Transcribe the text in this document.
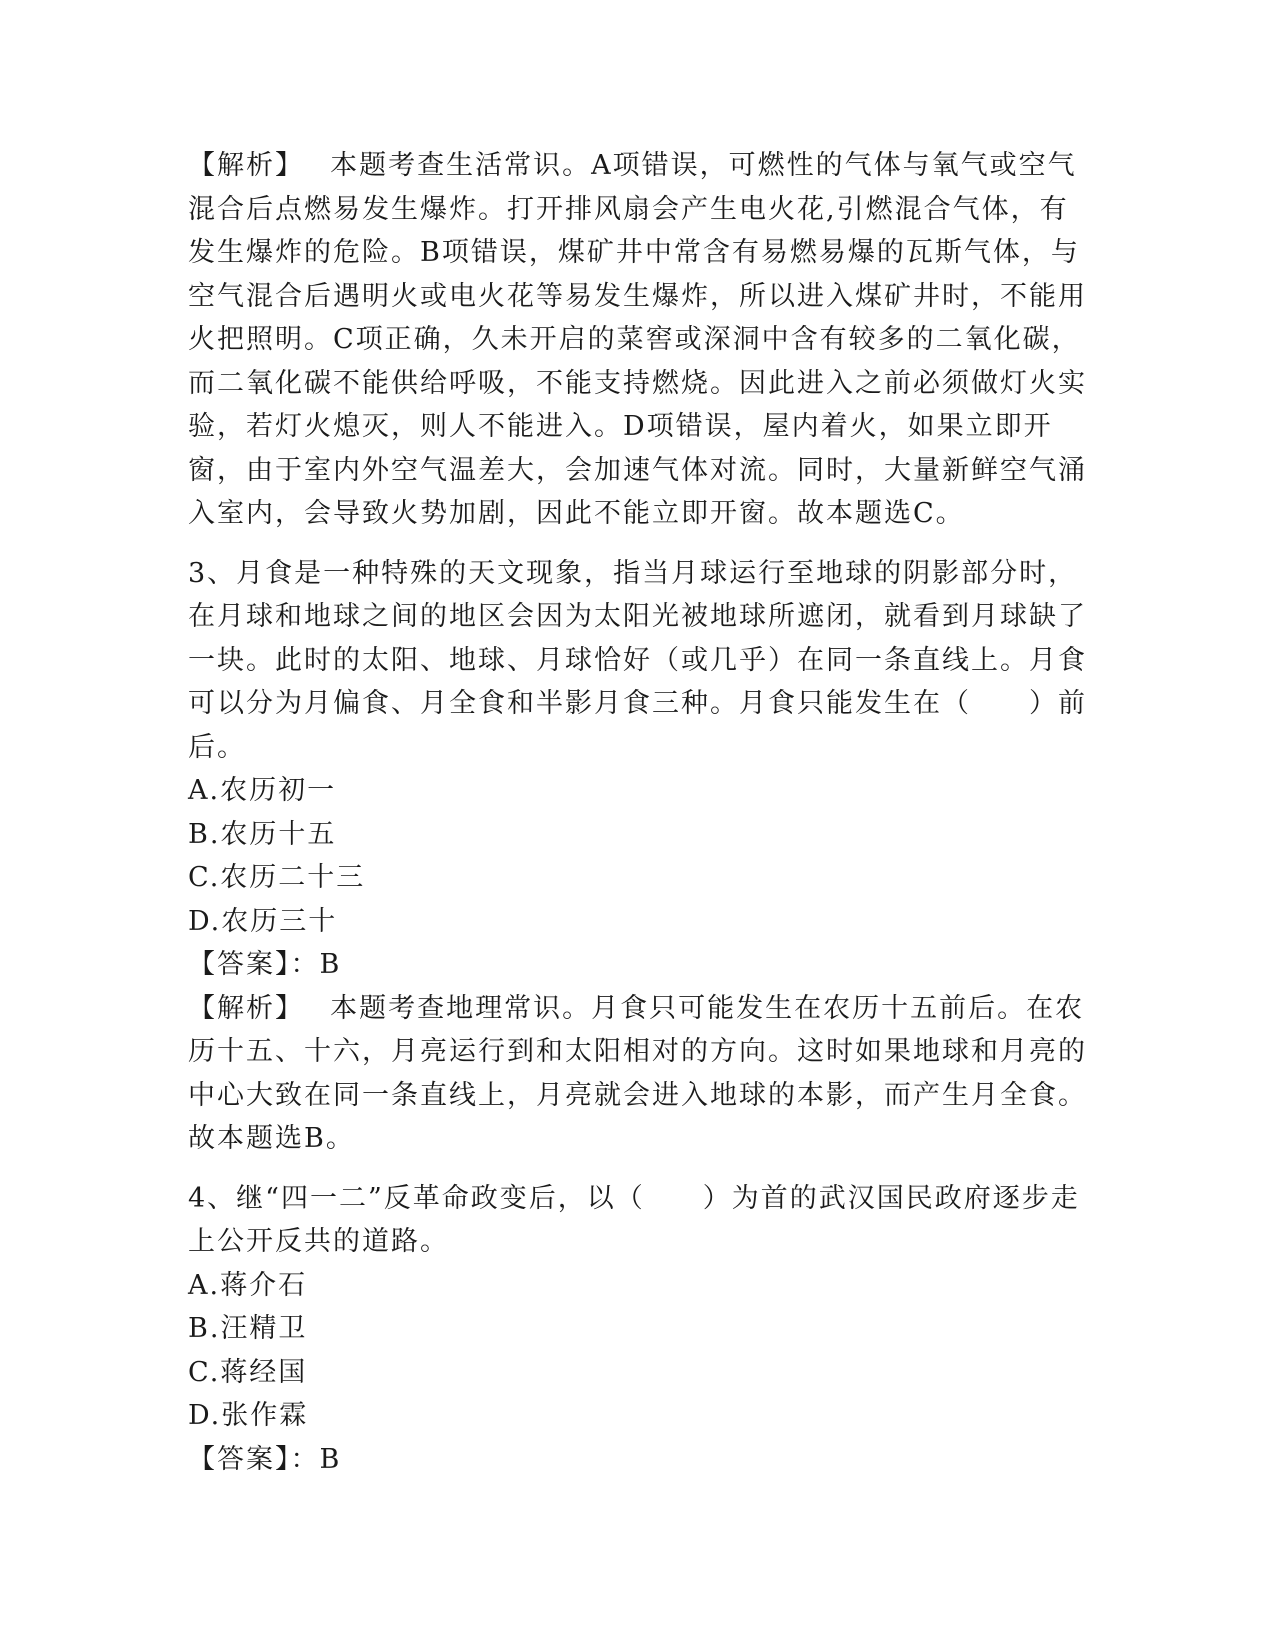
【解析】　 本题考查生活常识。A项错误，可燃性的气体与氧气或空气混合后点燃易发生爆炸。打开排风扇会产生电火花,引燃混合气体，有发生爆炸的危险。B项错误，煤矿井中常含有易燃易爆的瓦斯气体，与空气混合后遇明火或电火花等易发生爆炸，所以进入煤矿井时，不能用火把照明。C项正确，久未开启的菜窖或深洞中含有较多的二氧化碳，而二氧化碳不能供给呼吸，不能支持燃烧。因此进入之前必须做灯火实验，若灯火熄灭，则人不能进入。D项错误，屋内着火，如果立即开窗，由于室内外空气温差大，会加速气体对流。同时，大量新鲜空气涌入室内，会导致火势加剧，因此不能立即开窗。故本题选C。

3、月食是一种特殊的天文现象，指当月球运行至地球的阴影部分时，在月球和地球之间的地区会因为太阳光被地球所遮闭，就看到月球缺了一块。此时的太阳、地球、月球恰好（或几乎）在同一条直线上。月食可以分为月偏食、月全食和半影月食三种。月食只能发生在（　　）前后。

A.农历初一

B.农历十五

C.农历二十三

D.农历三十

【答案】：B

【解析】　 本题考查地理常识。月食只可能发生在农历十五前后。在农历十五、十六，月亮运行到和太阳相对的方向。这时如果地球和月亮的中心大致在同一条直线上，月亮就会进入地球的本影，而产生月全食。故本题选B。

4、继“四一二”反革命政变后，以（　　）为首的武汉国民政府逐步走上公开反共的道路。

A.蒋介石

B.汪精卫

C.蒋经国

D.张作霖

【答案】：B
